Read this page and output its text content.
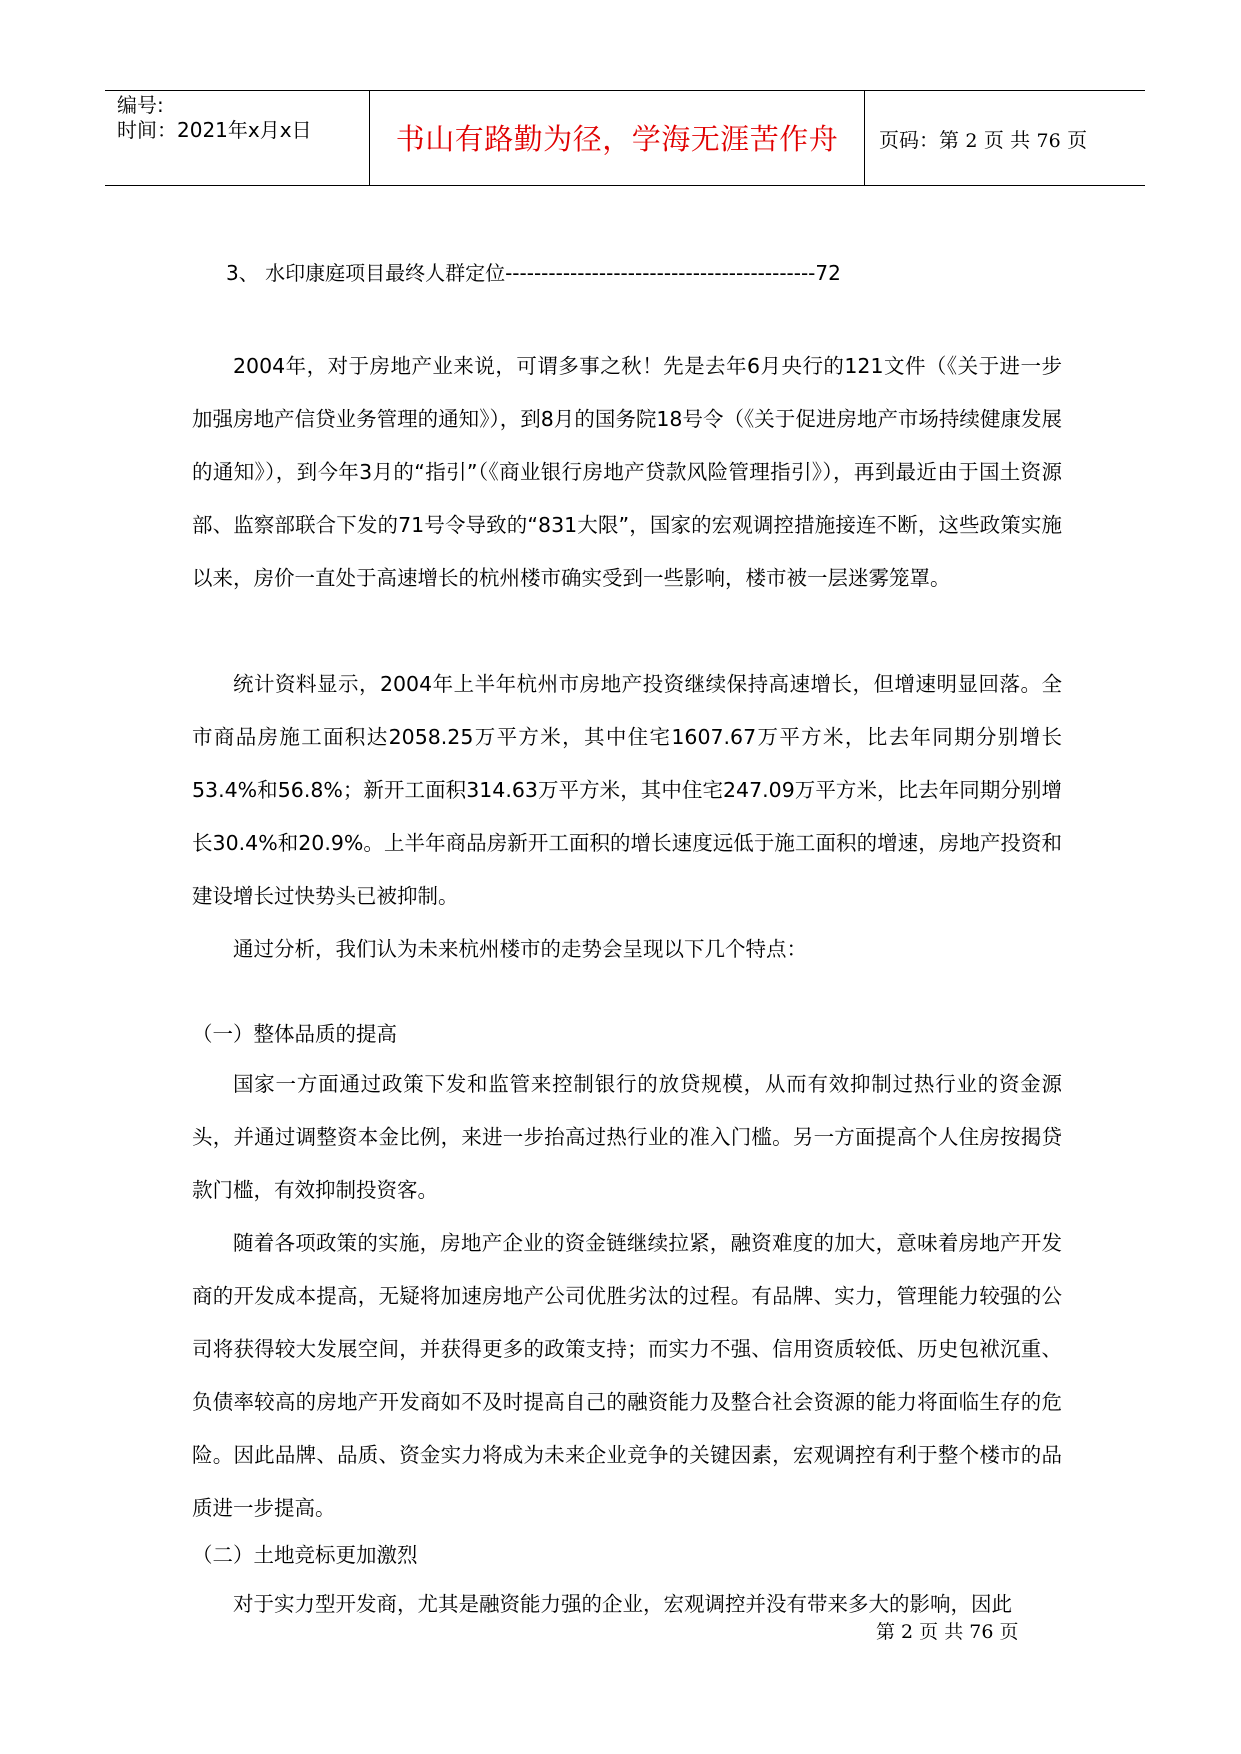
编号:
时间：2021年x月x日	书山有路勤为径，学海无涯苦作舟	页码：第 2 页 共 76 页
3、 水印康庭项目最终人群定位-------------------------------------------72

2004年，对于房地产业来说，可谓多事之秋！先是去年6月央行的121文件（《关于进一步加强房地产信贷业务管理的通知》），到8月的国务院18号令（《关于促进房地产市场持续健康发展的通知》），到今年3月的“指引”（《商业银行房地产贷款风险管理指引》），再到最近由于国土资源部、监察部联合下发的71号令导致的“831大限”，国家的宏观调控措施接连不断，这些政策实施以来，房价一直处于高速增长的杭州楼市确实受到一些影响，楼市被一层迷雾笼罩。

统计资料显示，2004年上半年杭州市房地产投资继续保持高速增长，但增速明显回落。全市商品房施工面积达2058.25万平方米，其中住宅1607.67万平方米，比去年同期分别增长53.4%和56.8%；新开工面积314.63万平方米，其中住宅247.09万平方米，比去年同期分别增长30.4%和20.9%。上半年商品房新开工面积的增长速度远低于施工面积的增速，房地产投资和建设增长过快势头已被抑制。

通过分析，我们认为未来杭州楼市的走势会呈现以下几个特点：

（一）整体品质的提高

国家一方面通过政策下发和监管来控制银行的放贷规模，从而有效抑制过热行业的资金源头，并通过调整资本金比例，来进一步抬高过热行业的准入门槛。另一方面提高个人住房按揭贷款门槛，有效抑制投资客。

随着各项政策的实施，房地产企业的资金链继续拉紧，融资难度的加大，意味着房地产开发商的开发成本提高，无疑将加速房地产公司优胜劣汰的过程。有品牌、实力，管理能力较强的公司将获得较大发展空间，并获得更多的政策支持；而实力不强、信用资质较低、历史包袱沉重、负债率较高的房地产开发商如不及时提高自己的融资能力及整合社会资源的能力将面临生存的危险。因此品牌、品质、资金实力将成为未来企业竞争的关键因素，宏观调控有利于整个楼市的品质进一步提高。

（二）土地竞标更加激烈

对于实力型开发商，尤其是融资能力强的企业，宏观调控并没有带来多大的影响，因此

第 2 页 共 76 页
